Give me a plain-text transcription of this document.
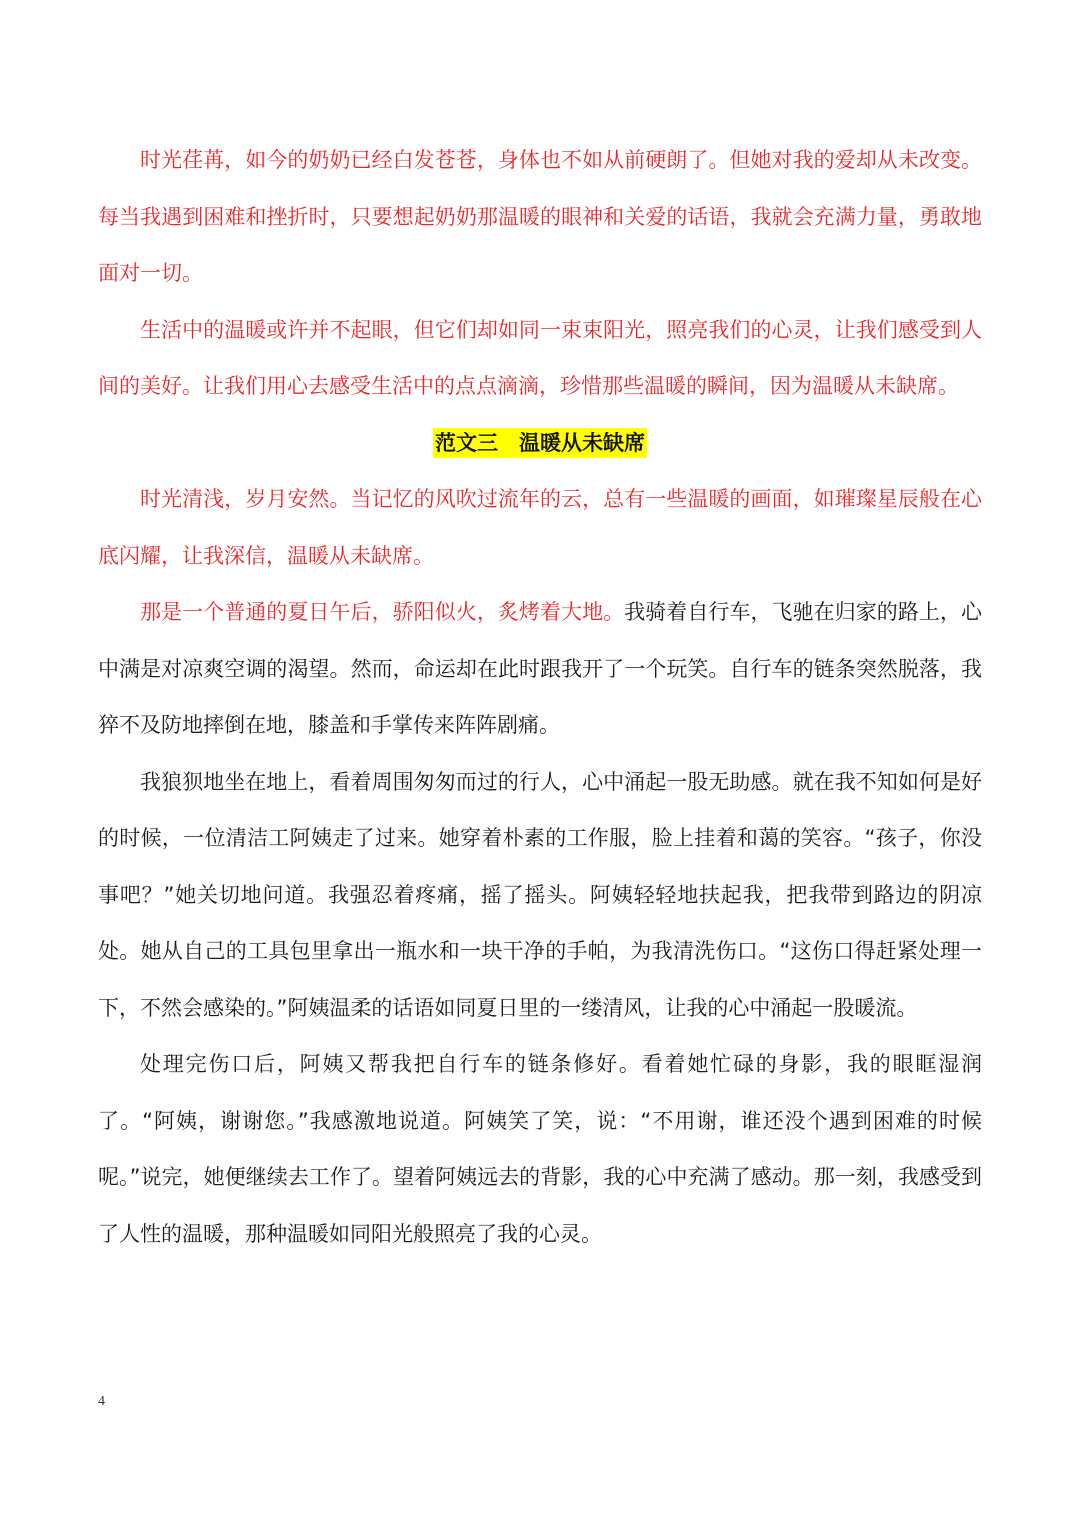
时光荏苒，如今的奶奶已经白发苍苍，身体也不如从前硬朗了。但她对我的爱却从未改变。每当我遇到困难和挫折时，只要想起奶奶那温暖的眼神和关爱的话语，我就会充满力量，勇敢地面对一切。

生活中的温暖或许并不起眼，但它们却如同一束束阳光，照亮我们的心灵，让我们感受到人间的美好。让我们用心去感受生活中的点点滴滴，珍惜那些温暖的瞬间，因为温暖从未缺席。

范文三　温暖从未缺席

时光清浅，岁月安然。当记忆的风吹过流年的云，总有一些温暖的画面，如璀璨星辰般在心底闪耀，让我深信，温暖从未缺席。

那是一个普通的夏日午后，骄阳似火，炙烤着大地。我骑着自行车，飞驰在归家的路上，心中满是对凉爽空调的渴望。然而，命运却在此时跟我开了一个玩笑。自行车的链条突然脱落，我猝不及防地摔倒在地，膝盖和手掌传来阵阵剧痛。

我狼狈地坐在地上，看着周围匆匆而过的行人，心中涌起一股无助感。就在我不知如何是好的时候，一位清洁工阿姨走了过来。她穿着朴素的工作服，脸上挂着和蔼的笑容。“孩子，你没事吧？”她关切地问道。我强忍着疼痛，摇了摇头。阿姨轻轻地扶起我，把我带到路边的阴凉处。她从自己的工具包里拿出一瓶水和一块干净的手帕，为我清洗伤口。“这伤口得赶紧处理一下，不然会感染的。”阿姨温柔的话语如同夏日里的一缕清风，让我的心中涌起一股暖流。

处理完伤口后，阿姨又帮我把自行车的链条修好。看着她忙碌的身影，我的眼眶湿润了。“阿姨，谢谢您。”我感激地说道。阿姨笑了笑，说：“不用谢，谁还没个遇到困难的时候呢。”说完，她便继续去工作了。望着阿姨远去的背影，我的心中充满了感动。那一刻，我感受到了人性的温暖，那种温暖如同阳光般照亮了我的心灵。

4
